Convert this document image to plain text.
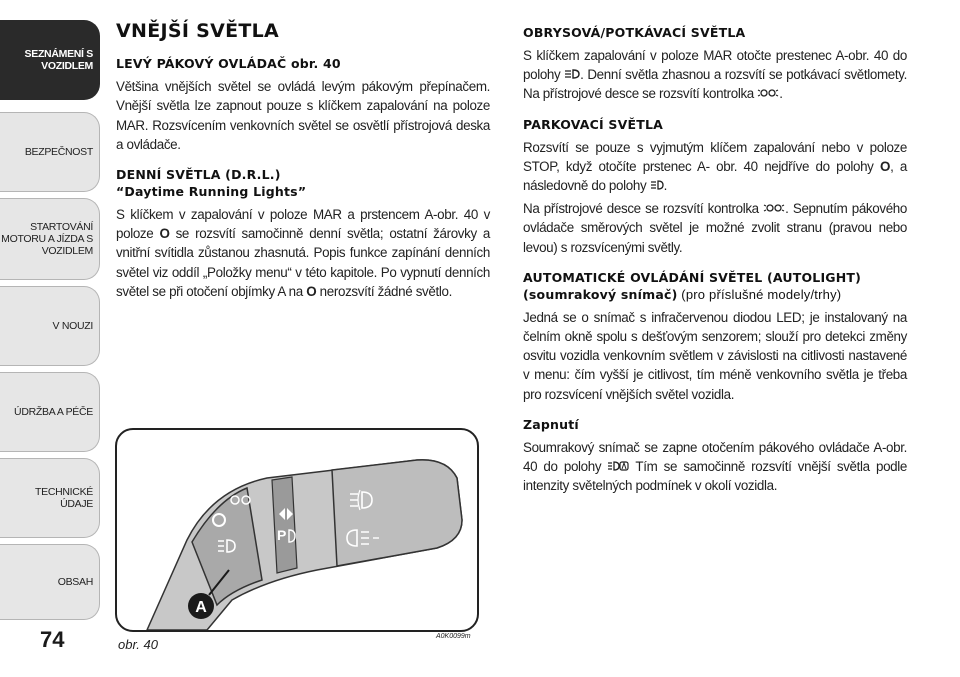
SEZNÁMENÍ S VOZIDLEM
BEZPEČNOST
STARTOVÁNÍ MOTORU A JÍZDA S VOZIDLEM
V NOUZI
ÚDRŽBA A PÉČE
TECHNICKÉ ÚDAJE
OBSAH
74
VNĚJŠÍ SVĚTLA
LEVÝ PÁKOVÝ OVLÁDAČ obr. 40

Většina vnějších světel se ovládá levým pákovým přepínačem. Vnější světla lze zapnout pouze s klíčkem zapalování na poloze MAR. Rozsvícením venkovních světel se osvětlí přístrojová deska a ovládače.

DENNÍ SVĚTLA (D.R.L.)
“Daytime Running Lights”

S klíčkem v zapalování v poloze MAR a prstencem A-obr. 40 v poloze O se rozsvítí samočinně denní světla; ostatní žárovky a vnitřní svítidla zůstanou zhasnutá. Popis funkce zapínání denních světel viz oddíl „Položky menu“ v této kapitole. Po vypnutí denních světel se při otočení objímky A na O nerozsvítí žádné světlo.

OBRYSOVÁ/POTKÁVACÍ SVĚTLA

S klíčkem zapalování v poloze MAR otočte prestenec A-obr. 40 do polohy . Denní světla zhasnou a rozsvítí se potkávací světlomety. Na přístrojové desce se rozsvítí kontrolka .

PARKOVACÍ SVĚTLA

Rozsvítí se pouze s vyjmutým klíčem zapalování nebo v poloze STOP, když otočíte prstenec A- obr. 40 nejdříve do polohy O, a následovně do polohy .

Na přístrojové desce se rozsvítí kontrolka . Sepnutím pákového ovládače směrových světel je možné zvolit stranu (pravou nebo levou) s rozsvícenými světly.

AUTOMATICKÉ OVLÁDÁNÍ SVĚTEL (AUTOLIGHT)
(soumrakový snímač) (pro příslušné modely/trhy)

Jedná se o snímač s infračervenou diodou LED; je instalovaný na čelním okně spolu s dešťovým senzorem; slouží pro detekci změny osvitu vozidla venkovním světlem v závislosti na citlivosti nastavené v menu: čím vyšší je citlivost, tím méně venkovního světla je třeba pro rozsvícení vnějších světel vozidla.

Zapnutí

Soumrakový snímač se zapne otočením pákového ovládače A-obr. 40 do polohy  Tím se samočinně rozsvítí vnější světla podle intenzity světelných podmínek v okolí vozidla.

P
A
obr. 40
A0K0099m
